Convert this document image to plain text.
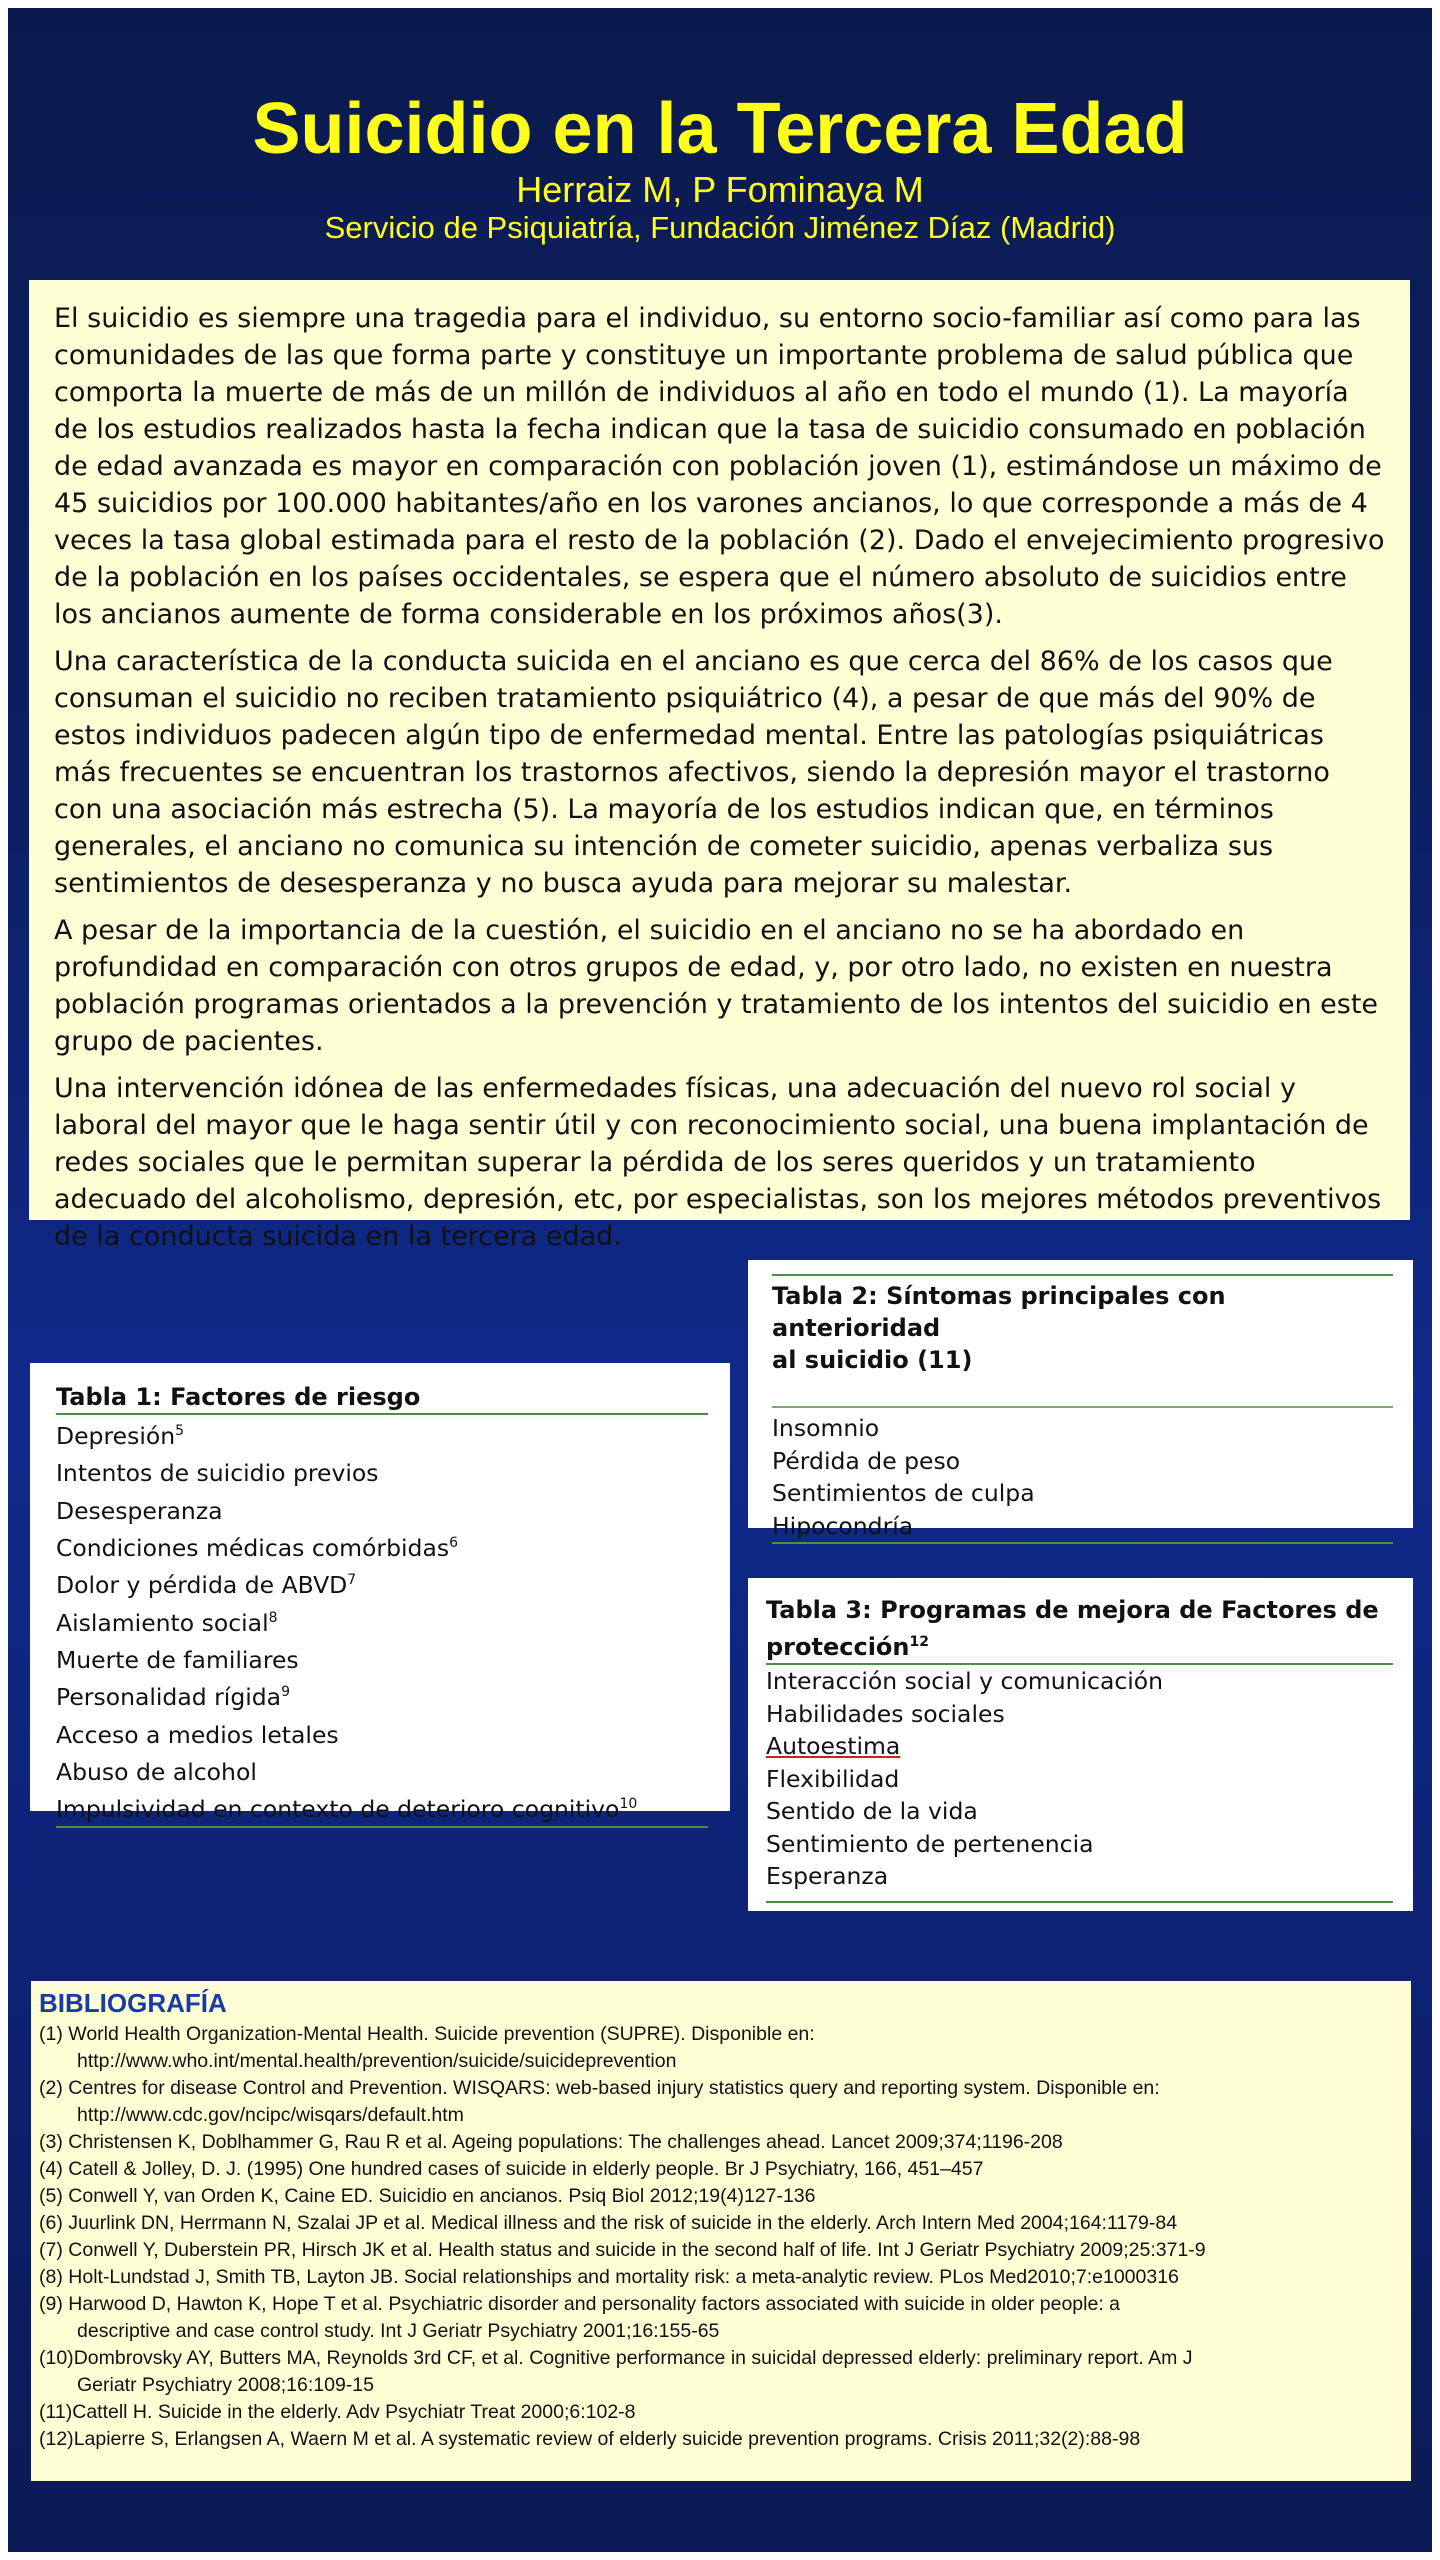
Suicidio en la Tercera Edad
Herraiz M, P Fominaya M
Servicio de Psiquiatría, Fundación Jiménez Díaz (Madrid)

El suicidio es siempre una tragedia para el individuo, su entorno socio-familiar así como para las comunidades de las que forma parte y constituye un importante problema de salud pública que comporta la muerte de más de un millón de individuos al año en todo el mundo (1). La mayoría de los estudios realizados hasta la fecha indican que la tasa de suicidio consumado en población de edad avanzada es mayor en comparación con población joven (1), estimándose un máximo de 45 suicidios por 100.000 habitantes/año en los varones ancianos, lo que corresponde a más de 4 veces la tasa global estimada para el resto de la población (2). Dado el envejecimiento progresivo de la población en los países occidentales, se espera que el número absoluto de suicidios entre los ancianos aumente de forma considerable en los próximos años(3).

Una característica de la conducta suicida en el anciano es que cerca del 86% de los casos que consuman el suicidio no reciben tratamiento psiquiátrico (4), a pesar de que más del 90% de estos individuos padecen algún tipo de enfermedad mental. Entre las patologías psiquiátricas más frecuentes se encuentran los trastornos afectivos, siendo la depresión mayor el trastorno con una asociación más estrecha (5). La mayoría de los estudios indican que, en términos generales, el anciano no comunica su intención de cometer suicidio, apenas verbaliza sus sentimientos de desesperanza y no busca ayuda para mejorar su malestar.

A pesar de la importancia de la cuestión, el suicidio en el anciano no se ha abordado en profundidad en comparación con otros grupos de edad, y, por otro lado, no existen en nuestra población programas orientados a la prevención y tratamiento de los intentos del suicidio en este grupo de pacientes.

Una intervención idónea de las enfermedades físicas, una adecuación del nuevo rol social y laboral del mayor que le haga sentir útil y con reconocimiento social, una buena implantación de redes sociales que le permitan superar la pérdida de los seres queridos y un tratamiento adecuado del alcoholismo, depresión, etc, por especialistas, son los mejores métodos preventivos de la conducta suicida en la tercera edad.

Tabla 1: Factores de riesgo
Depresión$^5$
Intentos de suicidio previos
Desesperanza
Condiciones médicas comórbidas$^6$
Dolor y pérdida de ABVD$^7$
Aislamiento social$^8$
Muerte de familiares
Personalidad rígida$^9$
Acceso a medios letales
Abuso de alcohol
Impulsividad en contexto de deterioro cognitivo$^{10}$
Tabla 2: Síntomas principales con anterioridad
al suicidio (11)
Insomnio
Pérdida de peso
Sentimientos de culpa
Hipocondría
Tabla 3: Programas de mejora de Factores de
protección$^{12}$
Interacción social y comunicación
Habilidades sociales
Autoestima
Flexibilidad
Sentido de la vida
Sentimiento de pertenencia
Esperanza
BIBLIOGRAFÍA
(1) World Health Organization-Mental Health. Suicide prevention (SUPRE). Disponible en:
http://www.who.int/mental.health/prevention/suicide/suicideprevention
(2) Centres for disease Control and Prevention. WISQARS: web-based injury statistics query and reporting system. Disponible en:
http://www.cdc.gov/ncipc/wisqars/default.htm
(3) Christensen K, Doblhammer G, Rau R et al. Ageing populations: The challenges ahead. Lancet 2009;374;1196-208
(4) Catell & Jolley, D. J. (1995) One hundred cases of suicide in elderly people. Br J Psychiatry, 166, 451–457
(5) Conwell Y, van Orden K, Caine ED. Suicidio en ancianos. Psiq Biol 2012;19(4)127-136
(6) Juurlink DN, Herrmann N, Szalai JP et al. Medical illness and the risk of suicide in the elderly. Arch Intern Med 2004;164:1179-84
(7) Conwell Y, Duberstein PR, Hirsch JK et al. Health status and suicide in the second half of life. Int J Geriatr Psychiatry 2009;25:371-9
(8) Holt-Lundstad J, Smith TB, Layton JB. Social relationships and mortality risk: a meta-analytic review. PLos Med2010;7:e1000316
(9) Harwood D, Hawton K, Hope T et al. Psychiatric disorder and personality factors associated with suicide in older people: a
descriptive and case control study. Int J Geriatr Psychiatry 2001;16:155-65
(10)Dombrovsky AY, Butters MA, Reynolds 3rd CF, et al. Cognitive performance in suicidal depressed elderly: preliminary report. Am J
Geriatr Psychiatry 2008;16:109-15
(11)Cattell H. Suicide in the elderly. Adv Psychiatr Treat 2000;6:102-8
(12)Lapierre S, Erlangsen A, Waern M et al. A systematic review of elderly suicide prevention programs. Crisis 2011;32(2):88-98
